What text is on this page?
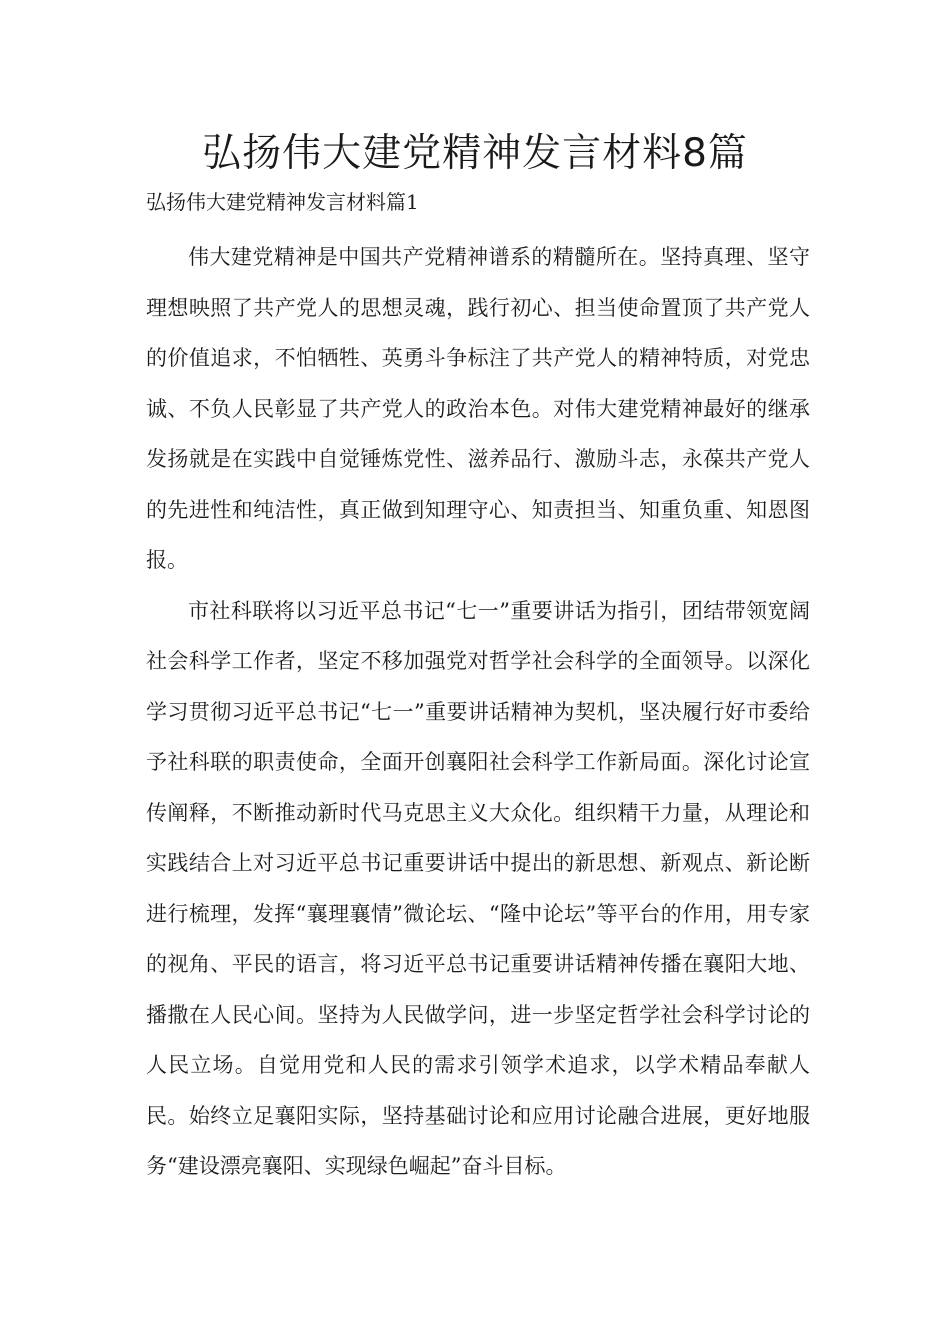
弘扬伟大建党精神发言材料8篇

弘扬伟大建党精神发言材料篇1

伟大建党精神是中国共产党精神谱系的精髓所在。坚持真理、坚守理想映照了共产党人的思想灵魂，践行初心、担当使命置顶了共产党人的价值追求，不怕牺牲、英勇斗争标注了共产党人的精神特质，对党忠诚、不负人民彰显了共产党人的政治本色。对伟大建党精神最好的继承发扬就是在实践中自觉锤炼党性、滋养品行、激励斗志，永葆共产党人的先进性和纯洁性，真正做到知理守心、知责担当、知重负重、知恩图报。

市社科联将以习近平总书记“七一”重要讲话为指引，团结带领宽阔社会科学工作者，坚定不移加强党对哲学社会科学的全面领导。以深化学习贯彻习近平总书记“七一”重要讲话精神为契机，坚决履行好市委给予社科联的职责使命，全面开创襄阳社会科学工作新局面。深化讨论宣传阐释，不断推动新时代马克思主义大众化。组织精干力量，从理论和实践结合上对习近平总书记重要讲话中提出的新思想、新观点、新论断进行梳理，发挥“襄理襄情”微论坛、“隆中论坛”等平台的作用，用专家的视角、平民的语言，将习近平总书记重要讲话精神传播在襄阳大地、播撒在人民心间。坚持为人民做学问，进一步坚定哲学社会科学讨论的人民立场。自觉用党和人民的需求引领学术追求，以学术精品奉献人民。始终立足襄阳实际，坚持基础讨论和应用讨论融合进展，更好地服务“建设漂亮襄阳、实现绿色崛起”奋斗目标。
